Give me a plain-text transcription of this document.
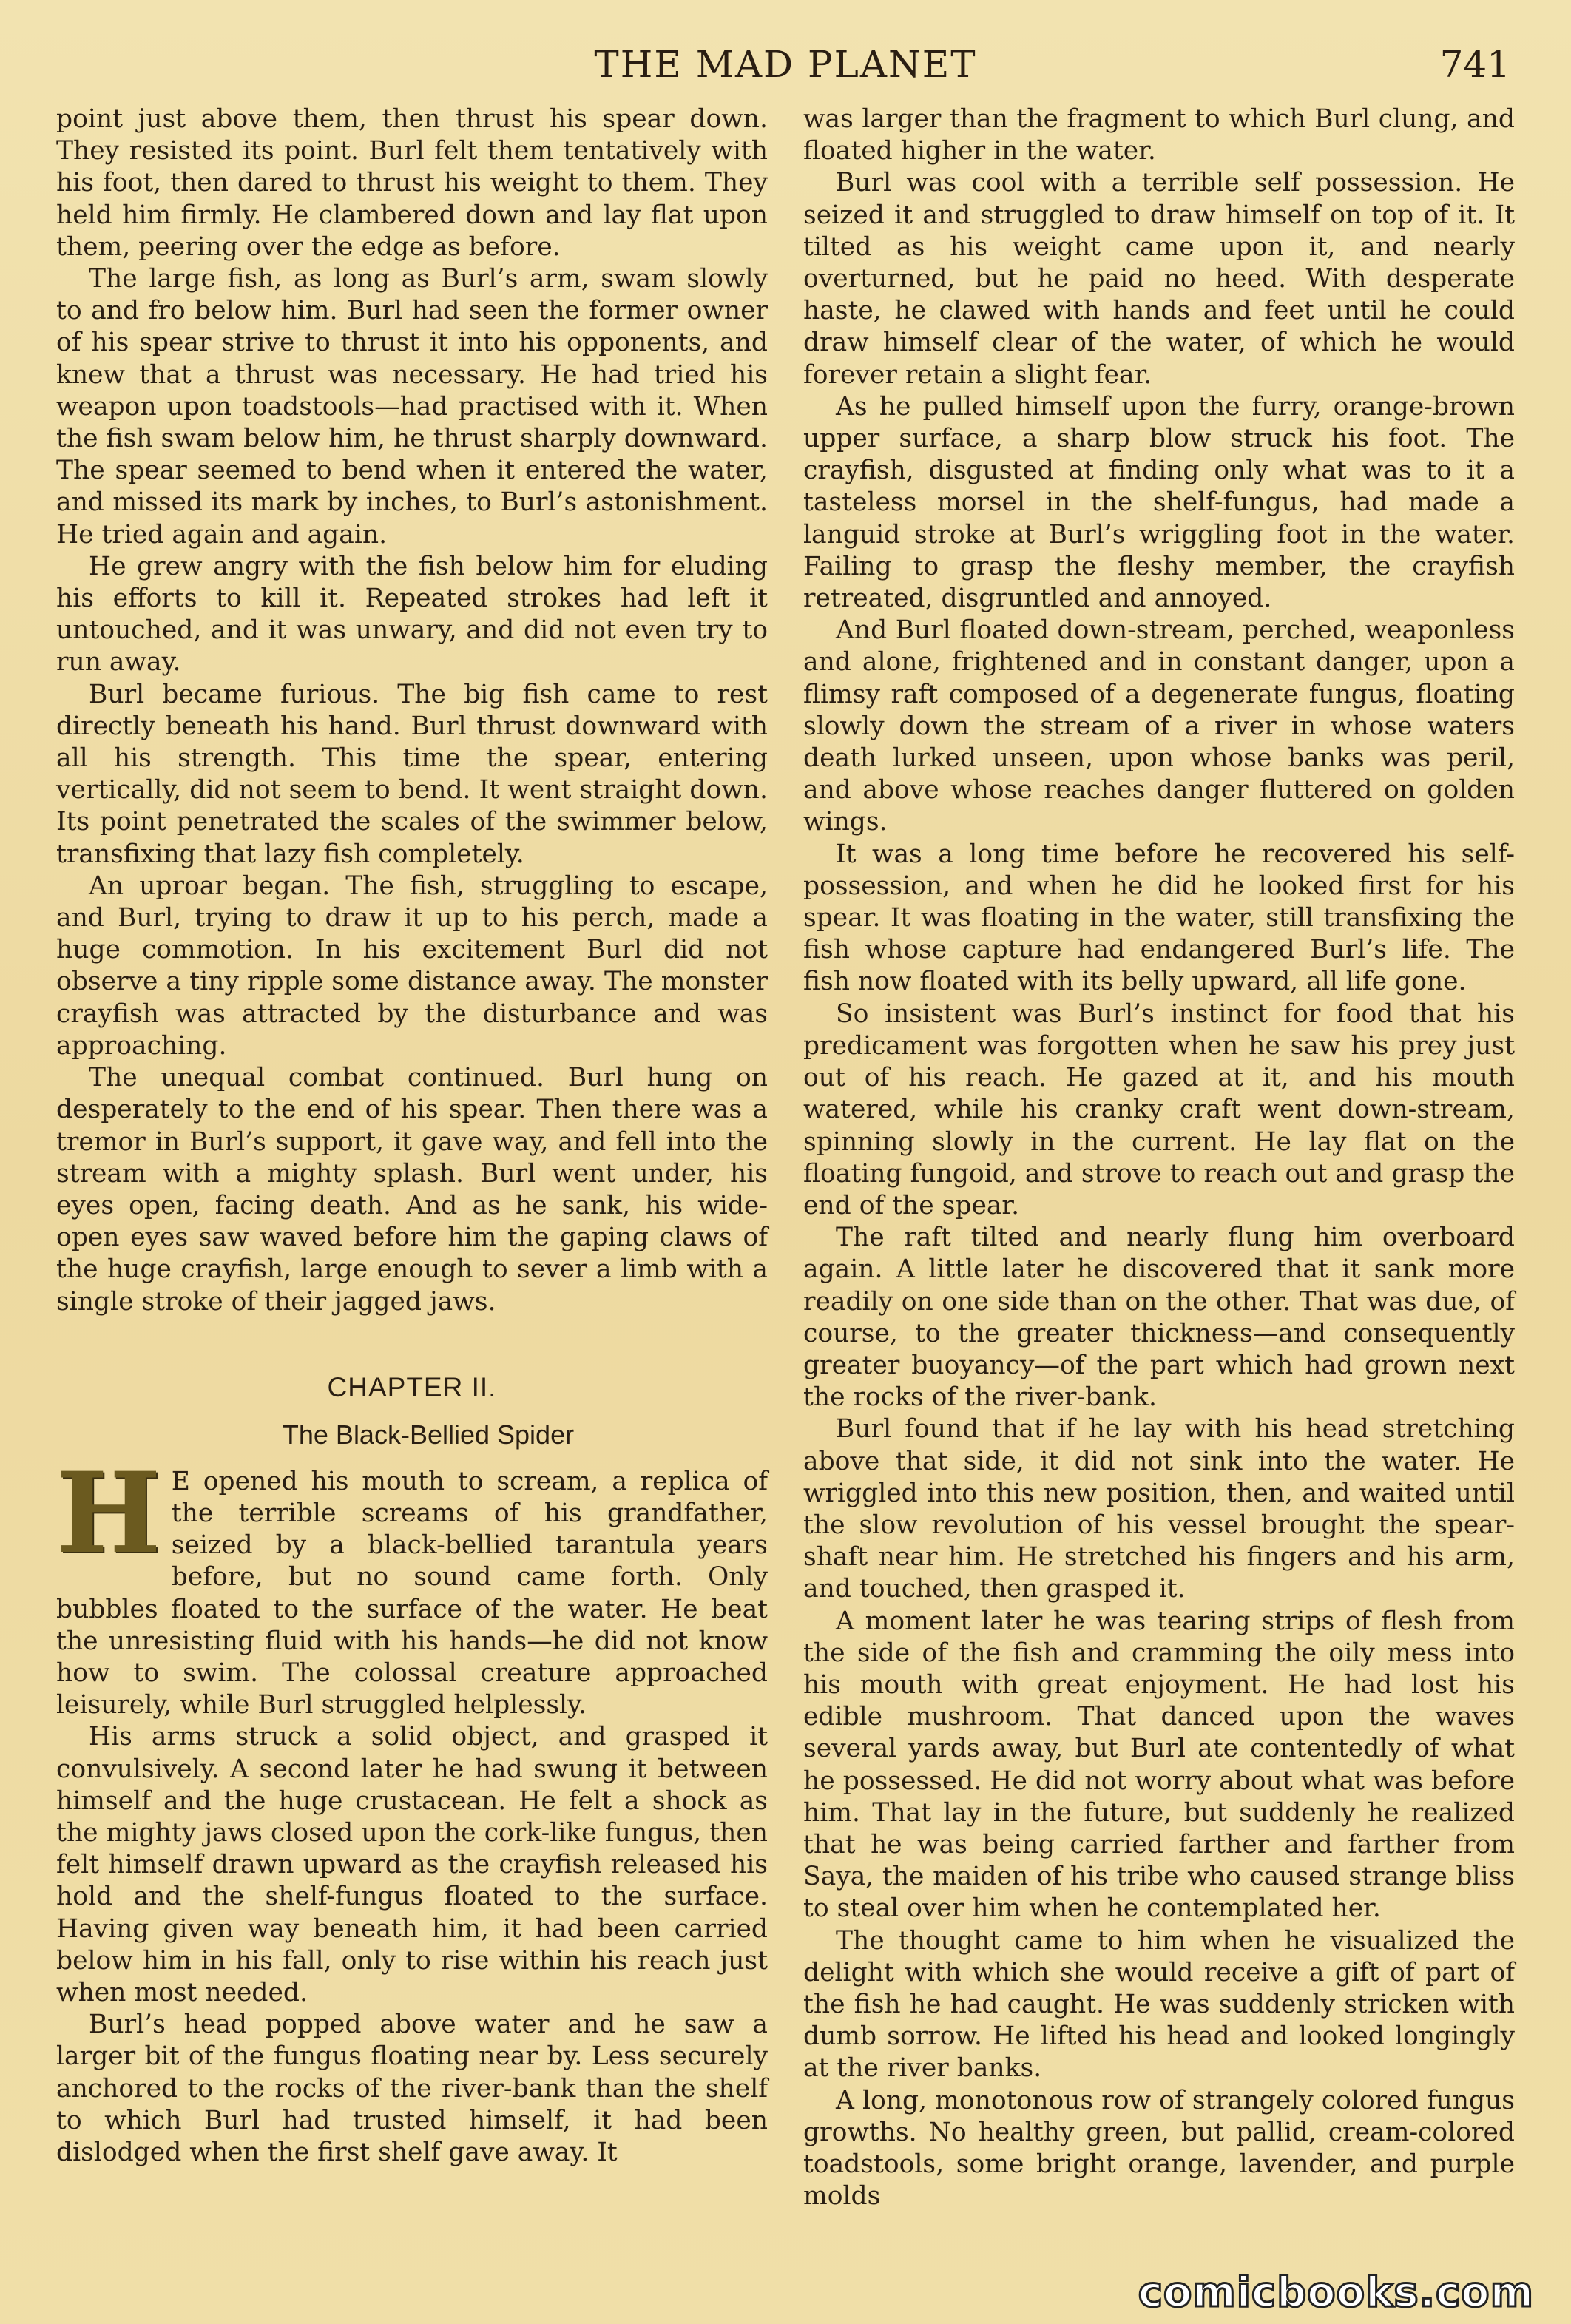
THE MAD PLANET	741

point just above them, then thrust his spear down. They resisted its point. Burl felt them tentatively with his foot, then dared to thrust his weight to them. They held him firmly. He clambered down and lay flat upon them, peering over the edge as before.

The large fish, as long as Burl’s arm, swam slowly to and fro below him. Burl had seen the former owner of his spear strive to thrust it into his opponents, and knew that a thrust was necessary. He had tried his weapon upon toadstools—had practised with it. When the fish swam below him, he thrust sharply downward. The spear seemed to bend when it entered the water, and missed its mark by inches, to Burl’s astonishment. He tried again and again.

He grew angry with the fish below him for eluding his efforts to kill it. Repeated strokes had left it untouched, and it was unwary, and did not even try to run away.

Burl became furious. The big fish came to rest directly beneath his hand. Burl thrust downward with all his strength. This time the spear, entering vertically, did not seem to bend. It went straight down. Its point penetrated the scales of the swimmer below, transfixing that lazy fish completely.

An uproar began. The fish, struggling to escape, and Burl, trying to draw it up to his perch, made a huge commotion. In his excitement Burl did not observe a tiny ripple some distance away. The monster crayfish was attracted by the disturbance and was approaching.

The unequal combat continued. Burl hung on desperately to the end of his spear. Then there was a tremor in Burl’s support, it gave way, and fell into the stream with a mighty splash. Burl went under, his eyes open, facing death. And as he sank, his wide-open eyes saw waved before him the gaping claws of the huge crayfish, large enough to sever a limb with a single stroke of their jagged jaws.

CHAPTER II.

The Black-Bellied Spider

H E opened his mouth to scream, a replica of the terrible screams of his grandfather, seized by a black-bellied tarantula years before, but no sound came forth. Only bubbles floated to the surface of the water. He beat the unresisting fluid with his hands—he did not know how to swim. The colossal creature approached leisurely, while Burl struggled helplessly.

His arms struck a solid object, and grasped it convulsively. A second later he had swung it between himself and the huge crustacean. He felt a shock as the mighty jaws closed upon the cork-like fungus, then felt himself drawn upward as the crayfish released his hold and the shelf-fungus floated to the surface. Having given way beneath him, it had been carried below him in his fall, only to rise within his reach just when most needed.

Burl’s head popped above water and he saw a larger bit of the fungus floating near by. Less securely anchored to the rocks of the river-bank than the shelf to which Burl had trusted himself, it had been dislodged when the first shelf gave away. It

was larger than the fragment to which Burl clung, and floated higher in the water.

Burl was cool with a terrible self possession. He seized it and struggled to draw himself on top of it. It tilted as his weight came upon it, and nearly overturned, but he paid no heed. With desperate haste, he clawed with hands and feet until he could draw himself clear of the water, of which he would forever retain a slight fear.

As he pulled himself upon the furry, orange-brown upper surface, a sharp blow struck his foot. The crayfish, disgusted at finding only what was to it a tasteless morsel in the shelf-fungus, had made a languid stroke at Burl’s wriggling foot in the water. Failing to grasp the fleshy member, the crayfish retreated, disgruntled and annoyed.

And Burl floated down-stream, perched, weaponless and alone, frightened and in constant danger, upon a flimsy raft composed of a degenerate fungus, floating slowly down the stream of a river in whose waters death lurked unseen, upon whose banks was peril, and above whose reaches danger fluttered on golden wings.

It was a long time before he recovered his self-possession, and when he did he looked first for his spear. It was floating in the water, still transfixing the fish whose capture had endangered Burl’s life. The fish now floated with its belly upward, all life gone.

So insistent was Burl’s instinct for food that his predicament was forgotten when he saw his prey just out of his reach. He gazed at it, and his mouth watered, while his cranky craft went down-stream, spinning slowly in the current. He lay flat on the floating fungoid, and strove to reach out and grasp the end of the spear.

The raft tilted and nearly flung him overboard again. A little later he discovered that it sank more readily on one side than on the other. That was due, of course, to the greater thickness—and consequently greater buoyancy—of the part which had grown next the rocks of the river-bank.

Burl found that if he lay with his head stretching above that side, it did not sink into the water. He wriggled into this new position, then, and waited until the slow revolution of his vessel brought the spear-shaft near him. He stretched his fingers and his arm, and touched, then grasped it.

A moment later he was tearing strips of flesh from the side of the fish and cramming the oily mess into his mouth with great enjoyment. He had lost his edible mushroom. That danced upon the waves several yards away, but Burl ate contentedly of what he possessed. He did not worry about what was before him. That lay in the future, but suddenly he realized that he was being carried farther and farther from Saya, the maiden of his tribe who caused strange bliss to steal over him when he contemplated her.

The thought came to him when he visualized the delight with which she would receive a gift of part of the fish he had caught. He was suddenly stricken with dumb sorrow. He lifted his head and looked longingly at the river banks.

A long, monotonous row of strangely colored fungus growths. No healthy green, but pallid, cream-colored toadstools, some bright orange, lavender, and purple molds

comicbooks.com
